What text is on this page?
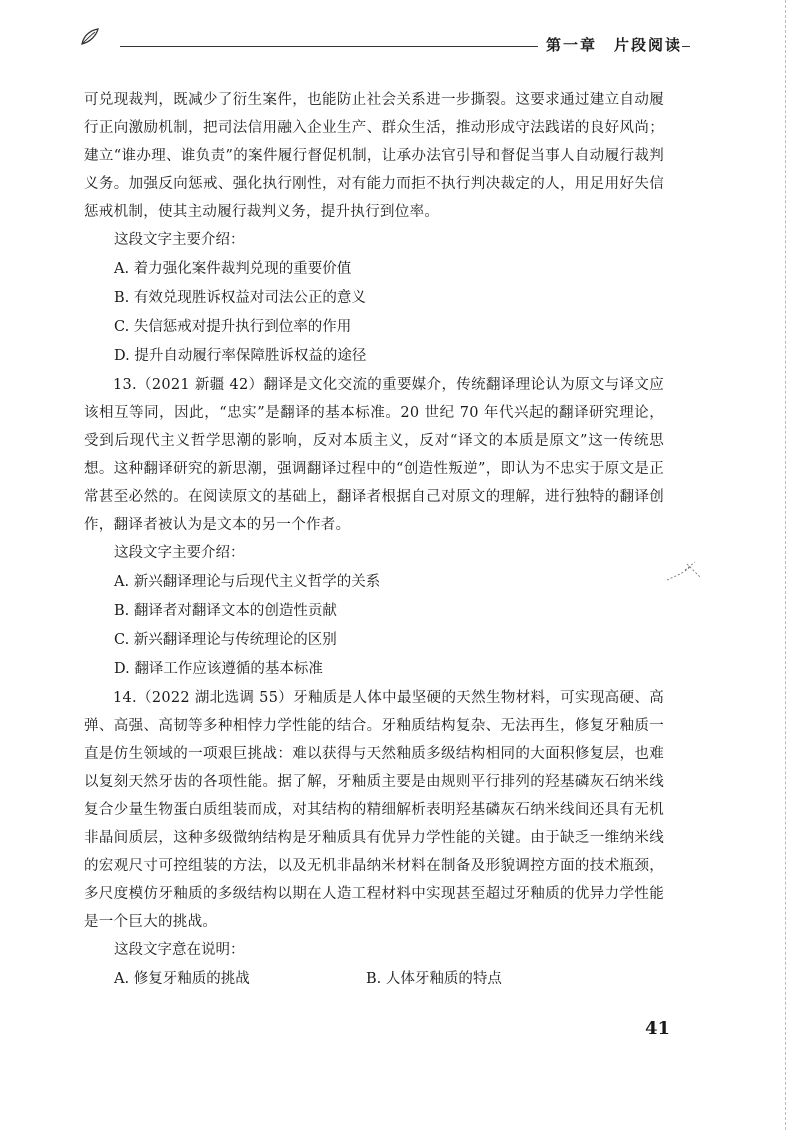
第一章　片段阅读

可兑现裁判，既减少了衍生案件，也能防止社会关系进一步撕裂。这要求通过建立自动履行正向激励机制，把司法信用融入企业生产、群众生活，推动形成守法践诺的良好风尚；建立“谁办理、谁负责”的案件履行督促机制，让承办法官引导和督促当事人自动履行裁判义务。加强反向惩戒、强化执行刚性，对有能力而拒不执行判决裁定的人，用足用好失信惩戒机制，使其主动履行裁判义务，提升执行到位率。

这段文字主要介绍：

A. 着力强化案件裁判兑现的重要价值

B. 有效兑现胜诉权益对司法公正的意义

C. 失信惩戒对提升执行到位率的作用

D. 提升自动履行率保障胜诉权益的途径

13.（2021 新疆 42）翻译是文化交流的重要媒介，传统翻译理论认为原文与译文应该相互等同，因此，“忠实”是翻译的基本标准。20 世纪 70 年代兴起的翻译研究理论，受到后现代主义哲学思潮的影响，反对本质主义，反对“译文的本质是原文”这一传统思想。这种翻译研究的新思潮，强调翻译过程中的“创造性叛逆”，即认为不忠实于原文是正常甚至必然的。在阅读原文的基础上，翻译者根据自己对原文的理解，进行独特的翻译创作，翻译者被认为是文本的另一个作者。

这段文字主要介绍：

A. 新兴翻译理论与后现代主义哲学的关系

B. 翻译者对翻译文本的创造性贡献

C. 新兴翻译理论与传统理论的区别

D. 翻译工作应该遵循的基本标准

14.（2022 湖北选调 55）牙釉质是人体中最坚硬的天然生物材料，可实现高硬、高弹、高强、高韧等多种相悖力学性能的结合。牙釉质结构复杂、无法再生，修复牙釉质一直是仿生领域的一项艰巨挑战：难以获得与天然釉质多级结构相同的大面积修复层，也难以复刻天然牙齿的各项性能。据了解，牙釉质主要是由规则平行排列的羟基磷灰石纳米线复合少量生物蛋白质组装而成，对其结构的精细解析表明羟基磷灰石纳米线间还具有无机非晶间质层，这种多级微纳结构是牙釉质具有优异力学性能的关键。由于缺乏一维纳米线的宏观尺寸可控组装的方法，以及无机非晶纳米材料在制备及形貌调控方面的技术瓶颈，多尺度模仿牙釉质的多级结构以期在人造工程材料中实现甚至超过牙釉质的优异力学性能是一个巨大的挑战。

这段文字意在说明：

A. 修复牙釉质的挑战	B. 人体牙釉质的特点
41
